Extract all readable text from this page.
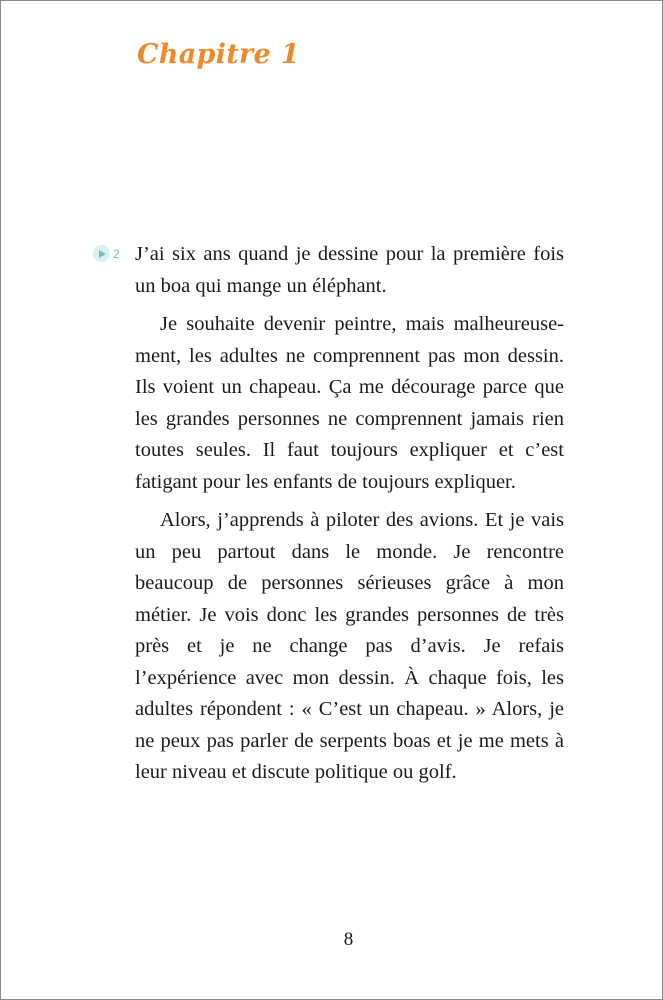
Chapitre 1
2 J’ai six ans quand je dessine pour la première fois un boa qui mange un éléphant.

Je souhaite devenir peintre, mais malheureusement, les adultes ne comprennent pas mon dessin. Ils voient un chapeau. Ça me décourage parce que les grandes personnes ne comprennent jamais rien toutes seules. Il faut toujours expliquer et c’est fatigant pour les enfants de toujours expliquer.

Alors, j’apprends à piloter des avions. Et je vais un peu partout dans le monde. Je rencontre beaucoup de personnes sérieuses grâce à mon métier. Je vois donc les grandes personnes de très près et je ne change pas d’avis. Je refais l’expérience avec mon dessin. À chaque fois, les adultes répondent : « C’est un chapeau. » Alors, je ne peux pas parler de serpents boas et je me mets à leur niveau et discute politique ou golf.

8
